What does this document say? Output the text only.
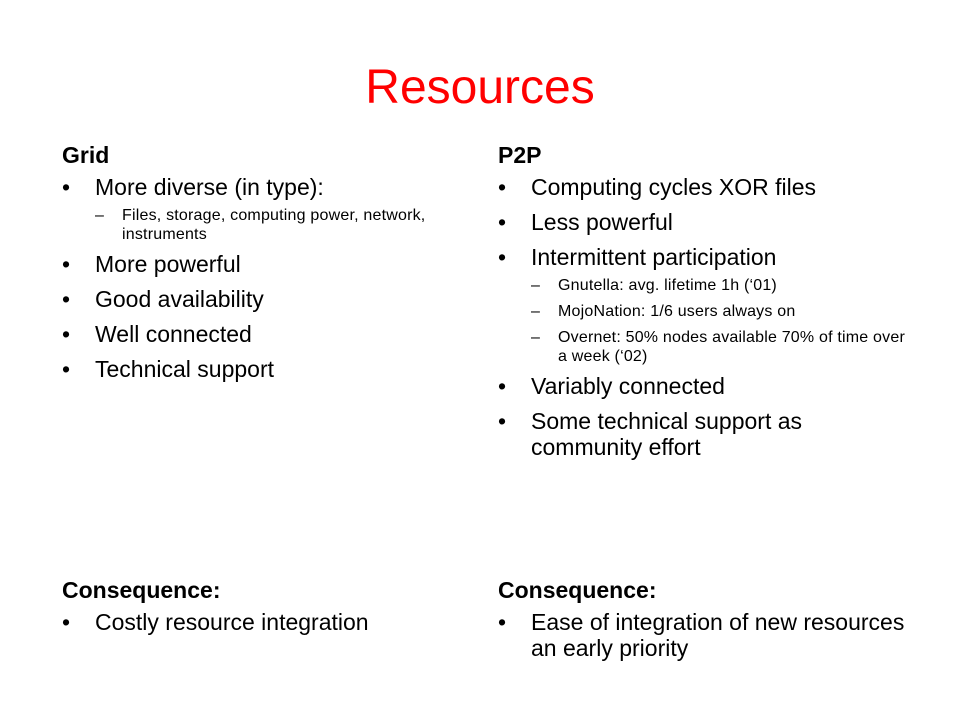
Resources
Grid
• More diverse (in type):
– Files, storage, computing power, network, instruments
• More powerful
• Good availability
• Well connected
• Technical support
P2P
• Computing cycles XOR files
• Less powerful
• Intermittent participation
– Gnutella: avg. lifetime 1h (‘01)
– MojoNation: 1/6 users always on
– Overnet: 50% nodes available 70% of time over a week (‘02)
• Variably connected
• Some technical support as community effort
Consequence:
• Costly resource integration
Consequence:
• Ease of integration of new resources an early priority
